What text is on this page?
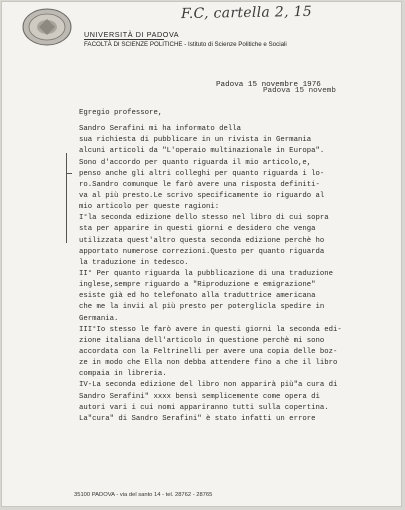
F.C, cartella 2, 15
UNIVERSITÀ DI PADOVA
FACOLTÀ DI SCIENZE POLITICHE - Istituto di Scienze Politiche e Sociali
Padova 15 novembre 1976
Padova 15 novemb
Egregio professore,
Sandro Serafini mi ha informato della
sua richiesta di pubblicare in un rivista in Germania
alcuni articoli da "L'operaio multinazionale in Europa".
Sono d'accordo per quanto riguarda il mio articolo,e,
penso anche gli altri colleghi per quanto riguarda i lo-
ro.Sandro comunque le farò avere una risposta definiti-
va al più presto.Le scrivo specificamente io riguardo al
mio articolo per queste ragioni:
I°la seconda edizione dello stesso nel libro di cui sopra
sta per apparire in questi giorni e desidero che venga
utilizzata quest'altro questa seconda edizione perchè ho
apportato numerose correzioni.Questo per quanto riguarda
la traduzione in tedesco.
II° Per quanto riguarda la pubblicazione di una traduzione
inglese,sempre riguardo a "Riproduzione e emigrazione"
esiste già ed ho telefonato alla traduttrice americana
che me la invii al più presto per poterglicla spedire in
Germania.
III°Io stesso le farò avere in questi giorni la seconda edi-
zione italiana dell'articolo in questione perchè mi sono
accordata con la Feltrinelli per avere una copia delle boz-
ze in modo che Ella non debba attendere fino a che il libro
compaia in libreria.
IV-La seconda edizione del libro non apparirà più"a cura di
Sandro Serafini" xxxx bensì semplicemente come opera di
autori vari i cui nomi appariranno tutti sulla copertina.
La"cura" di Sandro Serafini" è stato infatti un errore
35100 PADOVA - via del santo 14 - tel. 28762 - 28765
